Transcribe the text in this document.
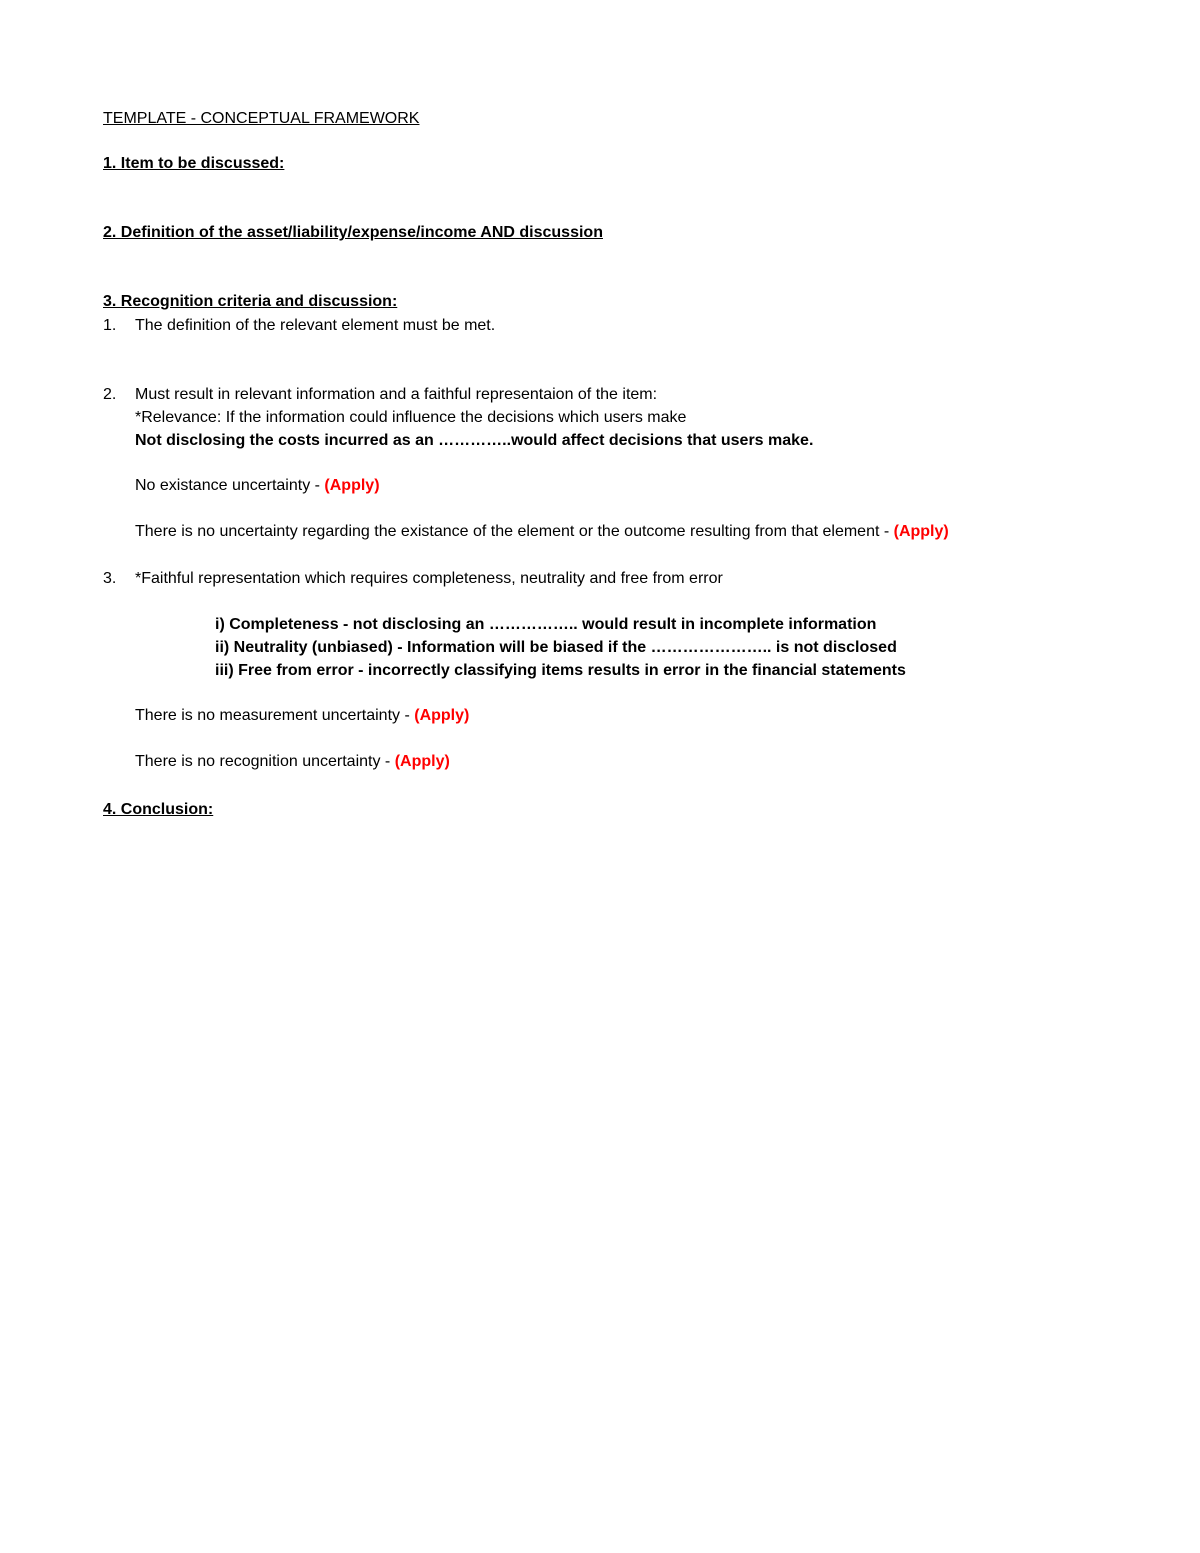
TEMPLATE - CONCEPTUAL FRAMEWORK
1. Item to be discussed:
2. Definition of the asset/liability/expense/income AND discussion
3. Recognition criteria and discussion:
1. The definition of the relevant element must be met.
2. Must result in relevant information and a faithful representaion of the item:
*Relevance: If the information could influence the decisions which users make
Not disclosing the costs incurred as an …………..would affect decisions that users make.
No existance uncertainty - (Apply)
There is no uncertainty regarding the existance of the element or the outcome resulting from that element - (Apply)
3. *Faithful representation which requires completeness, neutrality and free from error
i) Completeness - not disclosing an …………….. would result in incomplete information
ii) Neutrality (unbiased) - Information will be biased if the ………………….. is not disclosed
iii) Free from error - incorrectly classifying items results in error in the financial statements
There is no measurement uncertainty - (Apply)
There is no recognition uncertainty - (Apply)
4. Conclusion:
